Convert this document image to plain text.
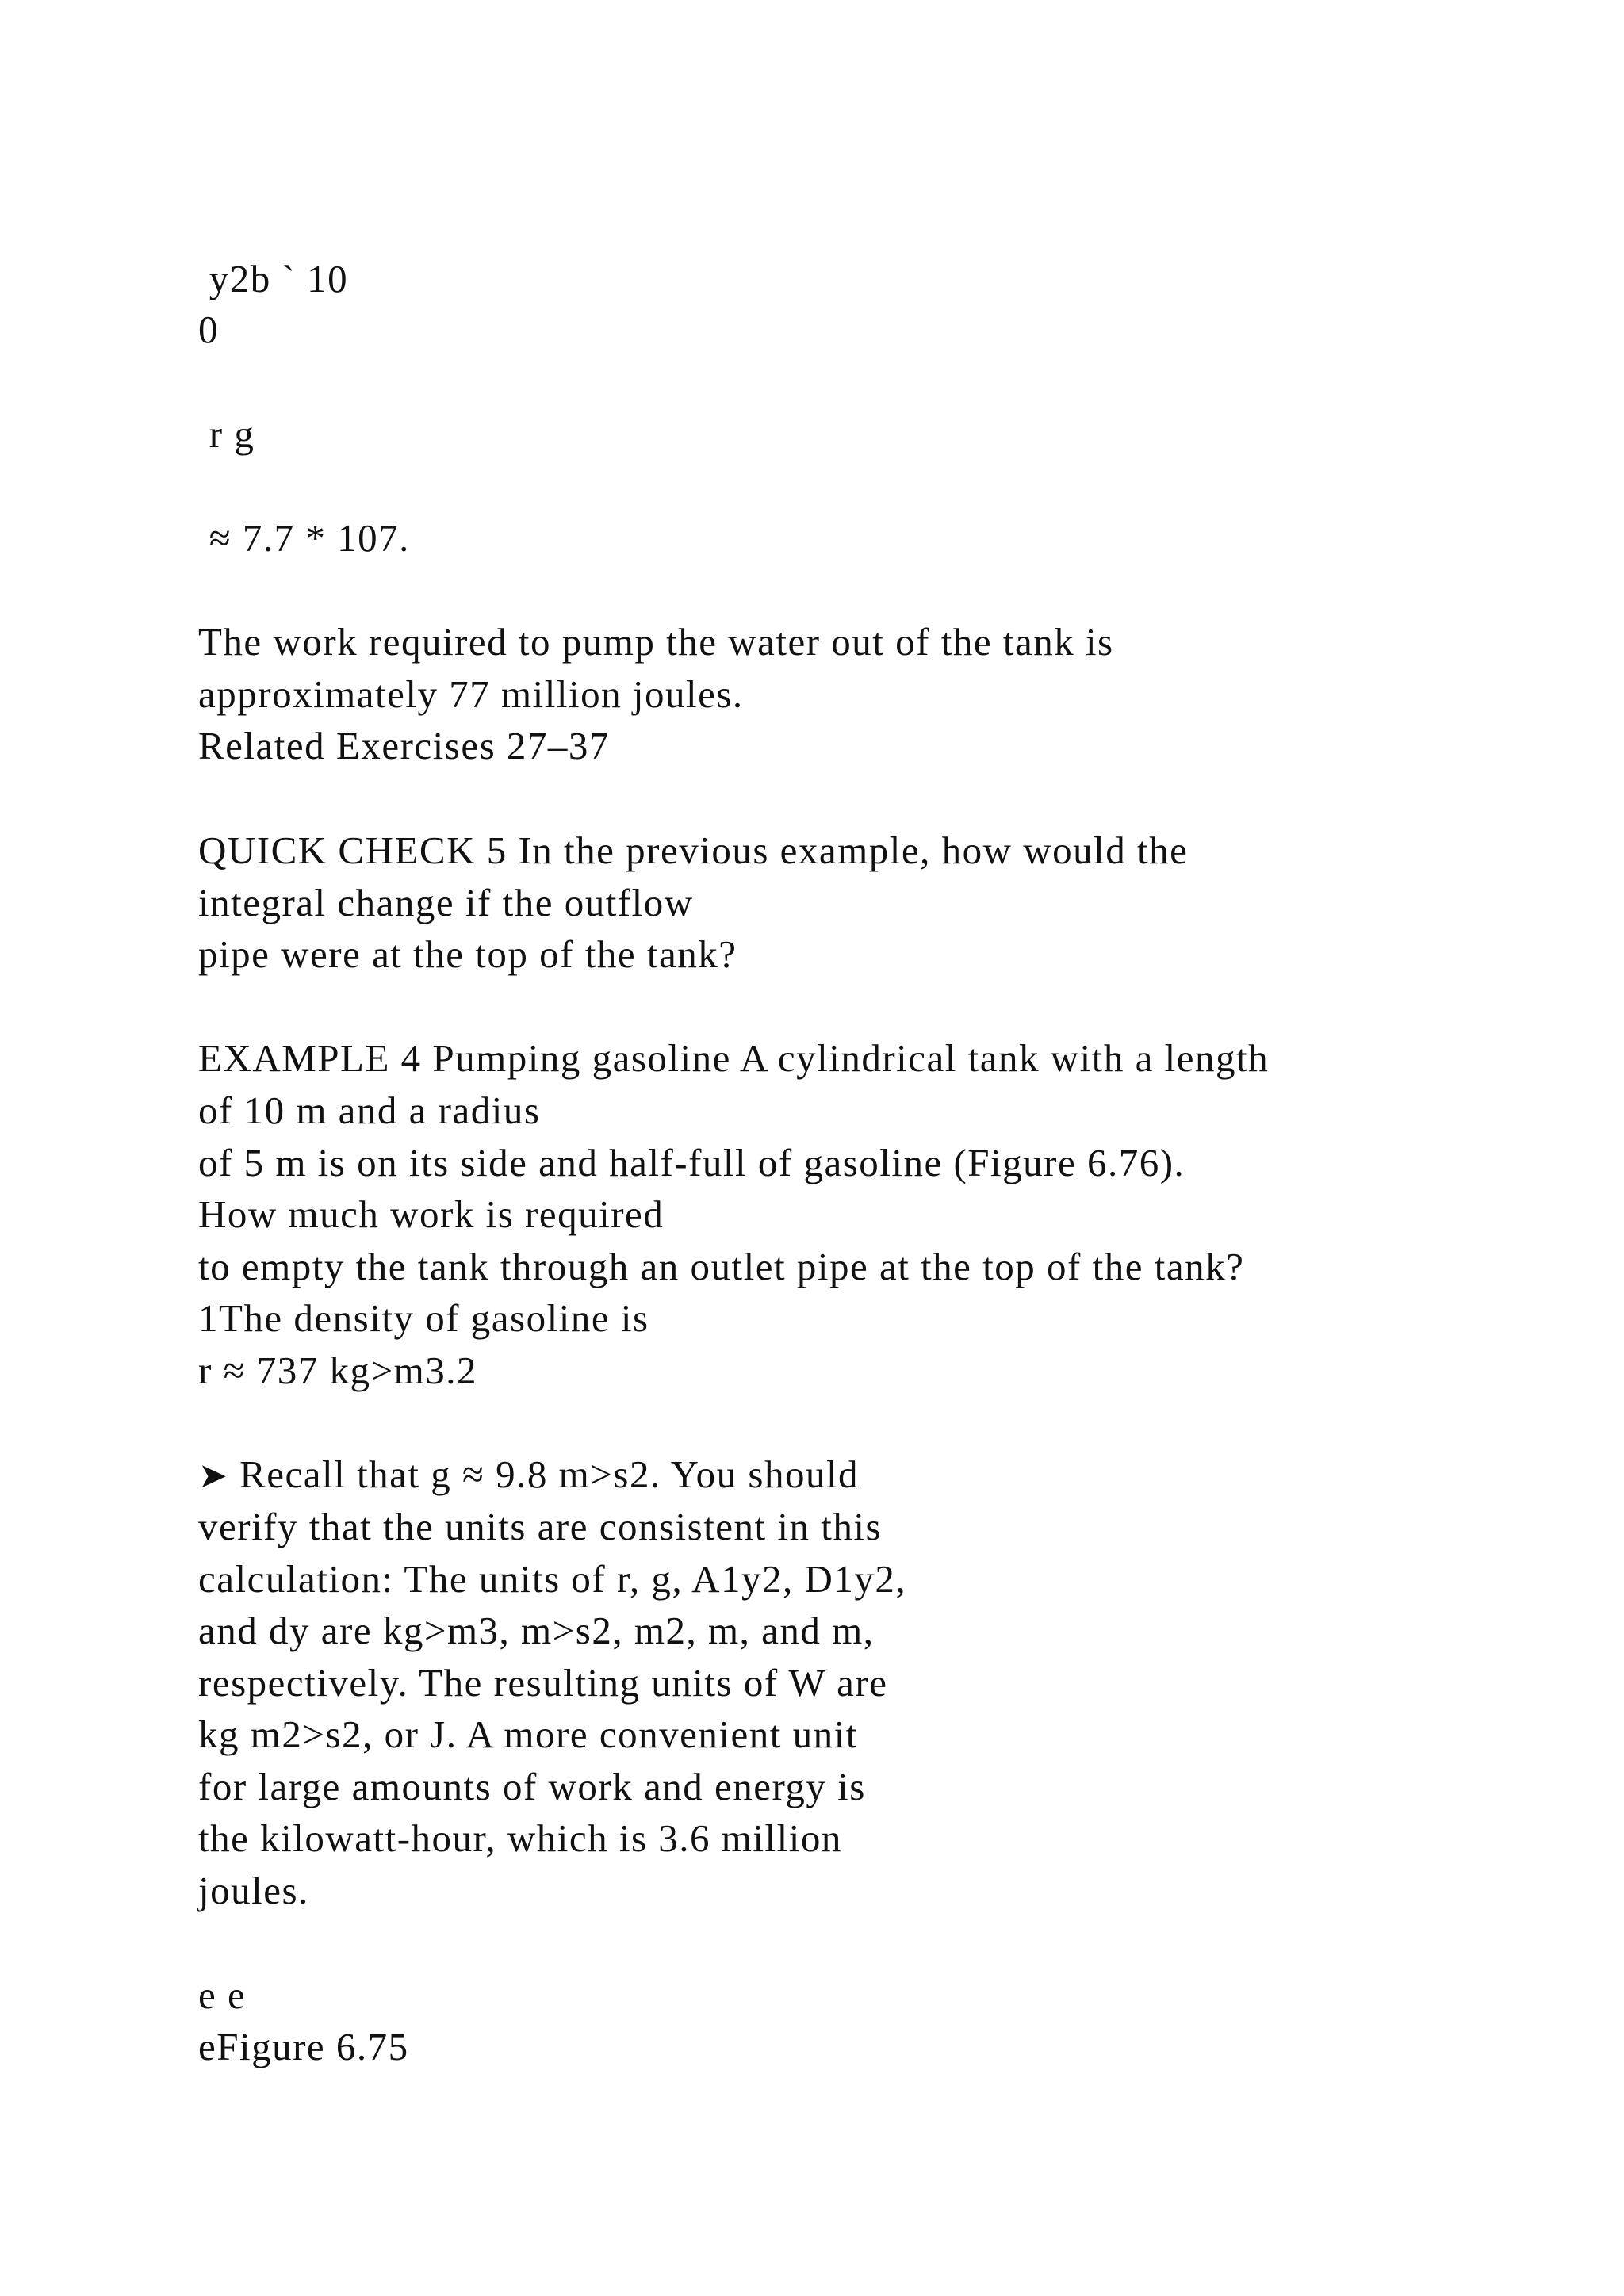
y2b ` 10
0
r g
≈ 7.7 * 107.
The work required to pump the water out of the tank is
approximately 77 million joules.
Related Exercises 27–37
QUICK CHECK 5 In the previous example, how would the
integral change if the outflow
pipe were at the top of the tank?
EXAMPLE 4 Pumping gasoline A cylindrical tank with a length
of 10 m and a radius
of 5 m is on its side and half-full of gasoline (Figure 6.76).
How much work is required
to empty the tank through an outlet pipe at the top of the tank?
1The density of gasoline is
r ≈ 737 kg>m3.2
➤ Recall that g ≈ 9.8 m>s2. You should
verify that the units are consistent in this
calculation: The units of r, g, A1y2, D1y2,
and dy are kg>m3, m>s2, m2, m, and m,
respectively. The resulting units of W are
kg m2>s2, or J. A more convenient unit
for large amounts of work and energy is
the kilowatt-hour, which is 3.6 million
joules.
e e
eFigure 6.75
